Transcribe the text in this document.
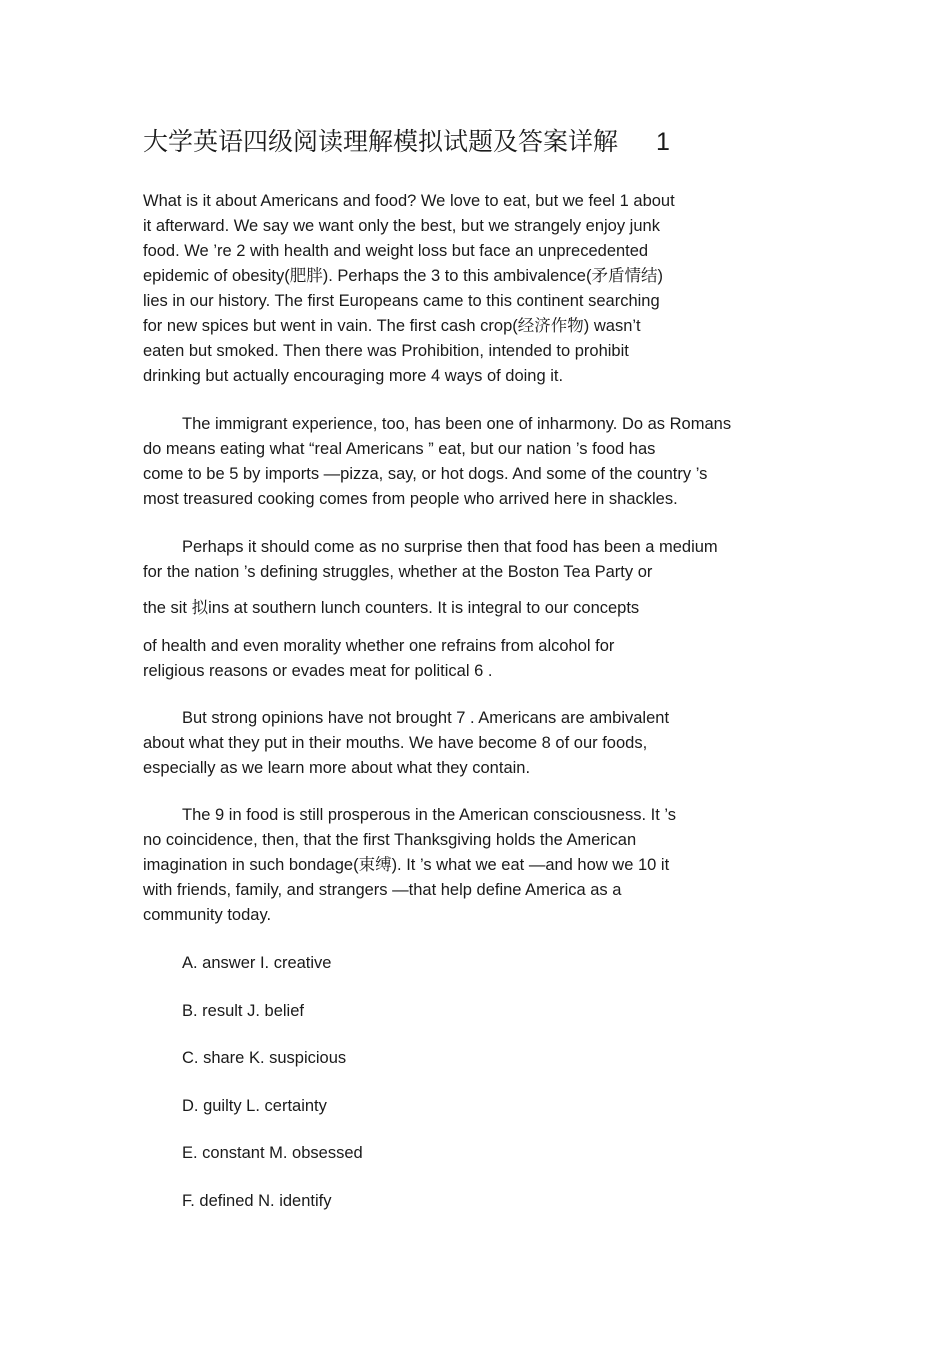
大学英语四级阅读理解模拟试题及答案详解 1
What is it about Americans and food? We love to eat, but we feel 1 about
it afterward. We say we want only the best, but we strangely enjoy junk
food. We ’re 2 with health and weight loss but face an unprecedented
epidemic of obesity(肥胖). Perhaps the 3 to this ambivalence(矛盾情结)
lies in our history. The first Europeans came to this continent searching
for new spices but went in vain. The first cash crop(经济作物) wasn’t
eaten but smoked. Then there was Prohibition, intended to prohibit
drinking but actually encouraging more 4 ways of doing it.
The immigrant experience, too, has been one of inharmony. Do as Romans
do means eating what “real Americans ” eat, but our nation ’s food has
come to be 5 by imports —pizza, say, or hot dogs. And some of the country ’s
most treasured cooking comes from people who arrived here in shackles.
Perhaps it should come as no surprise then that food has been a medium
for the nation ’s defining struggles, whether at the Boston Tea Party or
the sit 拟ins at southern lunch counters. It is integral to our concepts
of health and even morality whether one refrains from alcohol for
religious reasons or evades meat for political 6 .
But strong opinions have not brought 7 . Americans are ambivalent
about what they put in their mouths. We have become 8 of our foods,
especially as we learn more about what they contain.
The 9 in food is still prosperous in the American consciousness. It ’s
no coincidence, then, that the first Thanksgiving holds the American
imagination in such bondage(束缚). It ’s what we eat —and how we 10 it
with friends, family, and strangers —that help define America as a
community today.
A. answer I. creative
B. result J. belief
C. share K. suspicious
D. guilty L. certainty
E. constant M. obsessed
F. defined N. identify
